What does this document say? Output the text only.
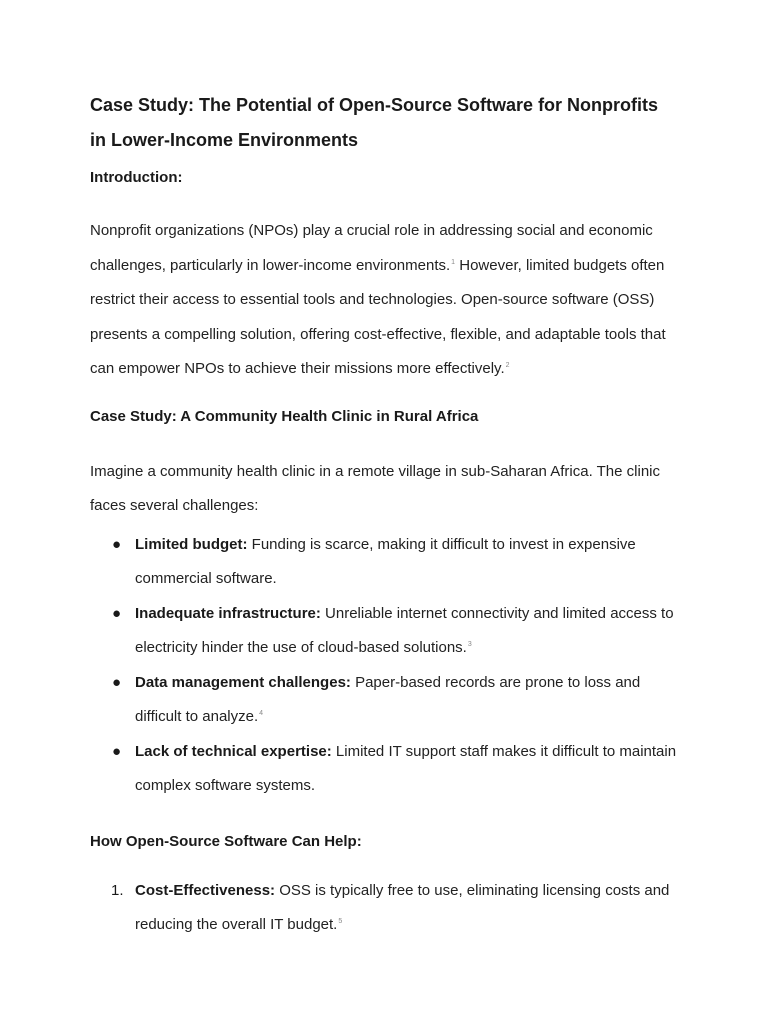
Case Study: The Potential of Open-Source Software for Nonprofits in Lower-Income Environments
Introduction:

Nonprofit organizations (NPOs) play a crucial role in addressing social and economic challenges, particularly in lower-income environments.$^1$ However, limited budgets often restrict their access to essential tools and technologies. Open-source software (OSS) presents a compelling solution, offering cost-effective, flexible, and adaptable tools that can empower NPOs to achieve their missions more effectively.$^2$

Case Study: A Community Health Clinic in Rural Africa

Imagine a community health clinic in a remote village in sub-Saharan Africa. The clinic faces several challenges:

● Limited budget: Funding is scarce, making it difficult to invest in expensive commercial software.
● Inadequate infrastructure: Unreliable internet connectivity and limited access to electricity hinder the use of cloud-based solutions.$^3$
● Data management challenges: Paper-based records are prone to loss and difficult to analyze.$^4$
● Lack of technical expertise: Limited IT support staff makes it difficult to maintain complex software systems.
How Open-Source Software Can Help:
1. Cost-Effectiveness: OSS is typically free to use, eliminating licensing costs and reducing the overall IT budget.$^5$
